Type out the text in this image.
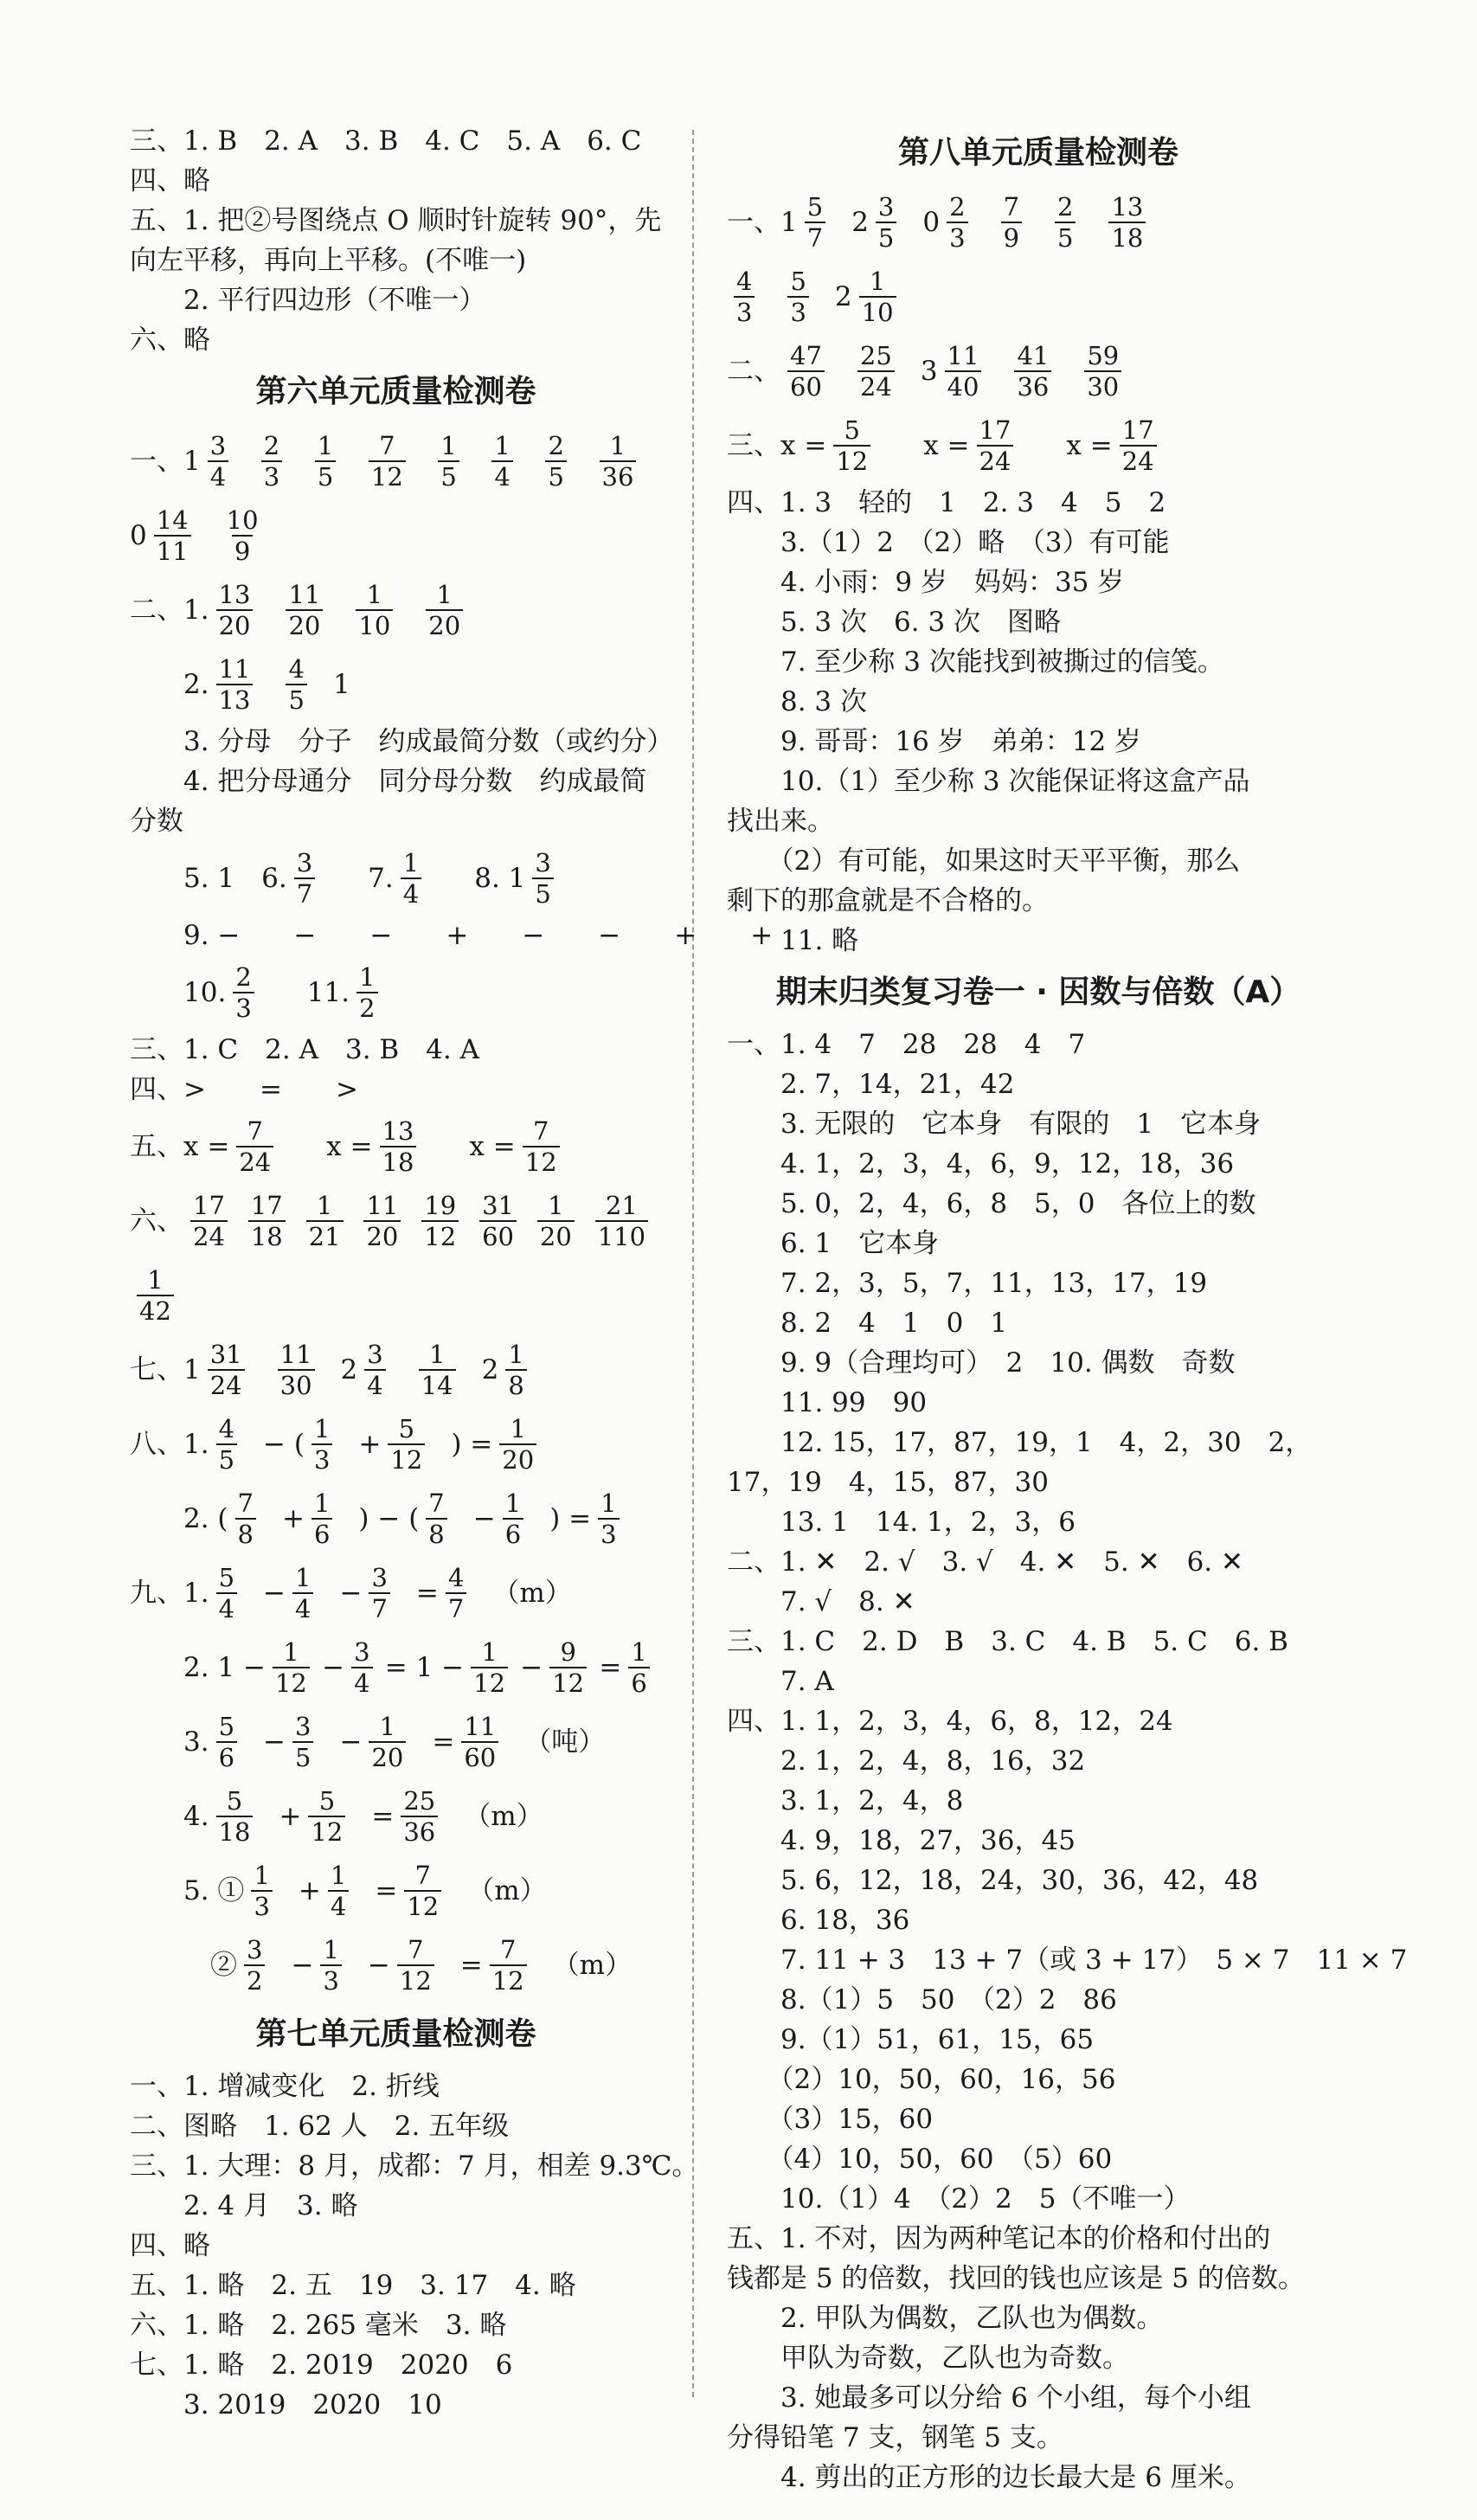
三、1. B　2. A　3. B　4. C　5. A　6. C
四、略
五、1. 把②号图绕点 O 顺时针旋转 90°，先
向左平移，再向上平移。(不唯一)
　　2. 平行四边形（不唯一）
六、略
第六单元质量检测卷
一、$1 \frac{3}{4} \frac{2}{3} \frac{1}{5} \frac{7}{12} \frac{1}{5} \frac{1}{4} \frac{2}{5} \frac{1}{36}$
$0 \frac{14}{11} \frac{10}{9}$
二、1. $\frac{13}{20} \frac{11}{20} \frac{1}{10} \frac{1}{20}$
　　2. $\frac{11}{13} \frac{4}{5} 1$
　　3. 分母　分子　约成最简分数（或约分）
　　4. 把分母通分　同分母分数　约成最简
分数
　　5. 1　6. $\frac{3}{7}$ 　7. $\frac{1}{4}$ 　8. $1 \frac{3}{5}$
　　9. −　　−　　−　　+　　−　　−　　+　　+
　　10. $\frac{2}{3}$ 　11. $\frac{1}{2}$
三、1. C　2. A　3. B　4. A
四、>　　=　　>
五、$x = \frac{7}{24}$ 　$x = \frac{13}{18}$ 　$x = \frac{7}{12}$
六、 $\frac{17}{24} \frac{17}{18} \frac{1}{21} \frac{11}{20} \frac{19}{12} \frac{31}{60} \frac{1}{20} \frac{21}{110}$
$\frac{1}{42}$
七、$1 \frac{31}{24} \frac{11}{30} 2 \frac{3}{4} \frac{1}{14} 2 \frac{1}{8}$
八、1. $\frac{4}{5}$ − ( $\frac{1}{3} + \frac{5}{12}$ ) = $\frac{1}{20}$
　　2. ( $\frac{7}{8} + \frac{1}{6}$ ) − ( $\frac{7}{8} - \frac{1}{6}$ ) = $\frac{1}{3}$
九、1. $\frac{5}{4} - \frac{1}{4} - \frac{3}{7} = \frac{4}{7} (m)$
　　2. $1 - \frac{1}{12} - \frac{3}{4} = 1 - \frac{1}{12} - \frac{9}{12} = \frac{1}{6}$
　　3. $\frac{5}{6} - \frac{3}{5} - \frac{1}{20} = \frac{11}{60}$ （吨）
　　4. $\frac{5}{18} + \frac{5}{12} = \frac{25}{36} (m)$
　　5. ① $\frac{1}{3} + \frac{1}{4} = \frac{7}{12} (m)$
　　　② $\frac{3}{2} - \frac{1}{3} - \frac{7}{12} = \frac{7}{12} (m)$
第七单元质量检测卷
一、1. 增减变化　2. 折线
二、图略　1. 62 人　2. 五年级
三、1. 大理：8 月，成都：7 月，相差 9.3℃。
　　2. 4 月　3. 略
四、略
五、1. 略　2. 五　19　3. 17　4. 略
六、1. 略　2. 265 毫米　3. 略
七、1. 略　2. 2019　2020　6
　　3. 2019　2020　10
第八单元质量检测卷
一、$1 \frac{5}{7} 2 \frac{3}{5} 0 \frac{2}{3} \frac{7}{9} \frac{2}{5} \frac{13}{18}$
$\frac{4}{3} \frac{5}{3} 2 \frac{1}{10}$
二、 $\frac{47}{60} \frac{25}{24} 3 \frac{11}{40} \frac{41}{36} \frac{59}{30}$
三、$x = \frac{5}{12}$ 　$x = \frac{17}{24}$ 　$x = \frac{17}{24}$
四、1. 3　轻的　1　2. 3　4　5　2
　　3.（1）2　（2）略　（3）有可能
　　4. 小雨：9 岁　妈妈：35 岁
　　5. 3 次　6. 3 次　图略
　　7. 至少称 3 次能找到被撕过的信笺。
　　8. 3 次
　　9. 哥哥：16 岁　弟弟：12 岁
　　10.（1）至少称 3 次能保证将这盒产品
找出来。
　　（2）有可能，如果这时天平平衡，那么
剩下的那盒就是不合格的。
　　11. 略
期末归类复习卷一 · 因数与倍数（A）
一、1. 4　7　28　28　4　7
　　2. 7，14，21，42
　　3. 无限的　它本身　有限的　1　它本身
　　4. 1，2，3，4，6，9，12，18，36
　　5. 0，2，4，6，8　5，0　各位上的数
　　6. 1　它本身
　　7. 2，3，5，7，11，13，17，19
　　8. 2　4　1　0　1
　　9. 9（合理均可）　2　10. 偶数　奇数
　　11. 99　90
　　12. 15，17，87，19，1　4，2，30　2，
17，19　4，15，87，30
　　13. 1　14. 1，2，3，6
二、1. ✕　2. √　3. √　4. ✕　5. ✕　6. ✕
　　7. √　8. ✕
三、1. C　2. D　B　3. C　4. B　5. C　6. B
　　7. A
四、1. 1，2，3，4，6，8，12，24
　　2. 1，2，4，8，16，32
　　3. 1，2，4，8
　　4. 9，18，27，36，45
　　5. 6，12，18，24，30，36，42，48
　　6. 18，36
　　7. 11 + 3　13 + 7（或 3 + 17）　5 × 7　11 × 7
　　8.（1）5　50　（2）2　86
　　9.（1）51，61，15，65
　　（2）10，50，60，16，56
　　（3）15，60
　　（4）10，50，60　（5）60
　　10.（1）4　（2）2　5（不唯一）
五、1. 不对，因为两种笔记本的价格和付出的
钱都是 5 的倍数，找回的钱也应该是 5 的倍数。
　　2. 甲队为偶数，乙队也为偶数。
　　甲队为奇数，乙队也为奇数。
　　3. 她最多可以分给 6 个小组，每个小组
分得铅笔 7 支，钢笔 5 支。
　　4. 剪出的正方形的边长最大是 6 厘米。
